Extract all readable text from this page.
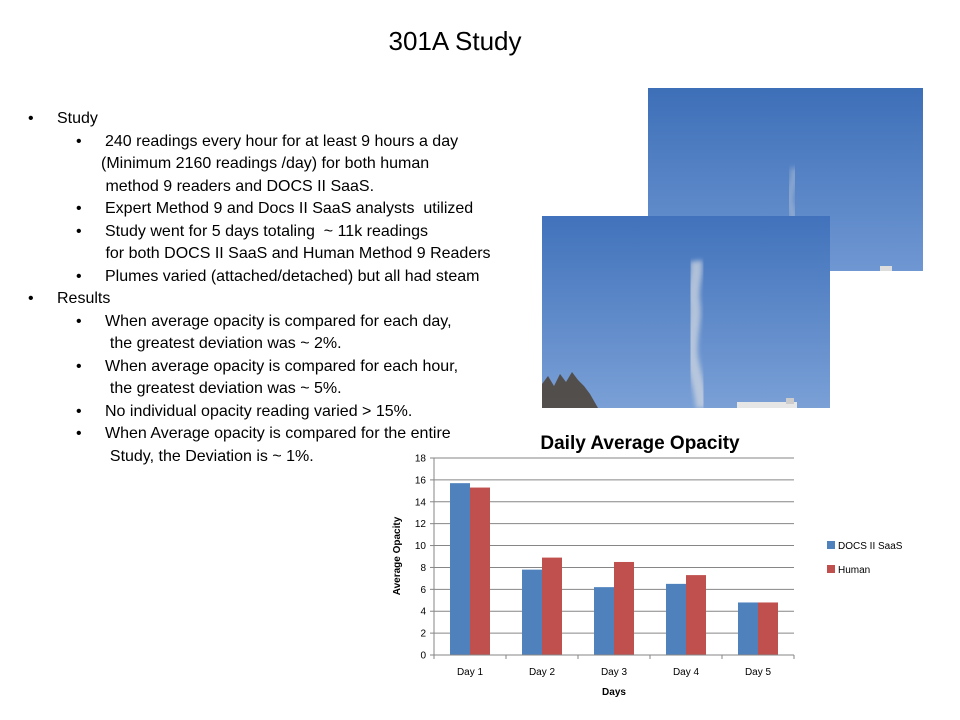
301A Study
• Study
• 240 readings every hour for at least 9 hours a day
(Minimum 2160 readings /day) for both human
method 9 readers and DOCS II SaaS.
• Expert Method 9 and Docs II SaaS analysts  utilized
• Study went for 5 days totaling  ~ 11k readings
for both DOCS II SaaS and Human Method 9 Readers
• Plumes varied (attached/detached) but all had steam
• Results
• When average opacity is compared for each day,
the greatest deviation was ~ 2%.
• When average opacity is compared for each hour,
the greatest deviation was ~ 5%.
• No individual opacity reading varied > 15%.
• When Average opacity is compared for the entire
Study, the Deviation is ~ 1%.
Daily Average Opacity
0
2
4
6
8
10
12
14
16
18
Day 1	Day 2	Day 3	Day 4	Day 5
Days
Average Opacity	DOCS II SaaS
Human
